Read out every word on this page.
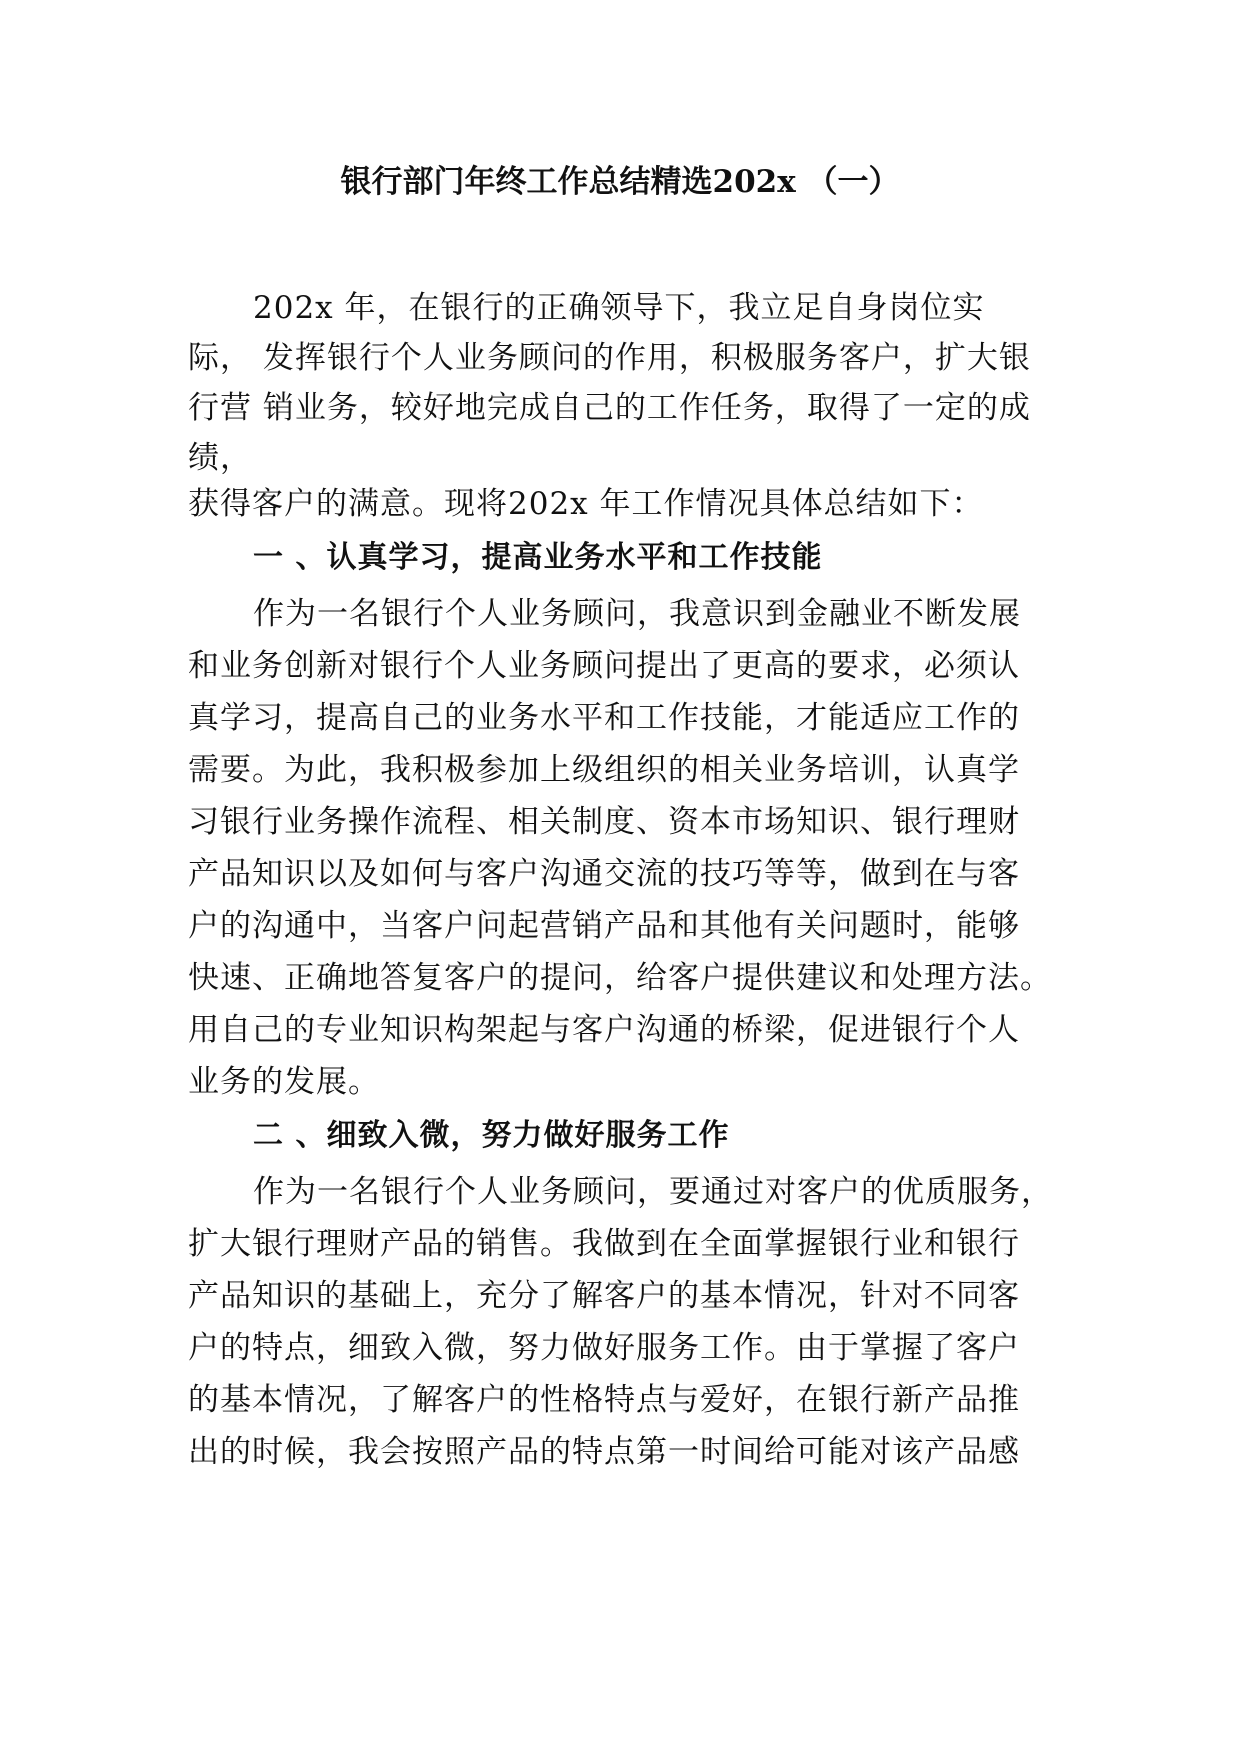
银行部门年终工作总结精选202x （一）
202x 年，在银行的正确领导下，我立足自身岗位实
际， 发挥银行个人业务顾问的作用，积极服务客户，扩大银
行营 销业务，较好地完成自己的工作任务，取得了一定的成
绩，
获得客户的满意。现将202x 年工作情况具体总结如下：
一 、认真学习，提高业务水平和工作技能
作为一名银行个人业务顾问，我意识到金融业不断发展
和业务创新对银行个人业务顾问提出了更高的要求，必须认
真学习，提高自己的业务水平和工作技能，才能适应工作的
需要。为此，我积极参加上级组织的相关业务培训，认真学
习银行业务操作流程、相关制度、资本市场知识、银行理财
产品知识以及如何与客户沟通交流的技巧等等，做到在与客
户的沟通中，当客户问起营销产品和其他有关问题时，能够
快速、正确地答复客户的提问，给客户提供建议和处理方法。
用自己的专业知识构架起与客户沟通的桥梁，促进银行个人
业务的发展。
二 、细致入微，努力做好服务工作
作为一名银行个人业务顾问，要通过对客户的优质服务，
扩大银行理财产品的销售。我做到在全面掌握银行业和银行
产品知识的基础上，充分了解客户的基本情况，针对不同客
户的特点，细致入微，努力做好服务工作。由于掌握了客户
的基本情况，了解客户的性格特点与爱好，在银行新产品推
出的时候，我会按照产品的特点第一时间给可能对该产品感
